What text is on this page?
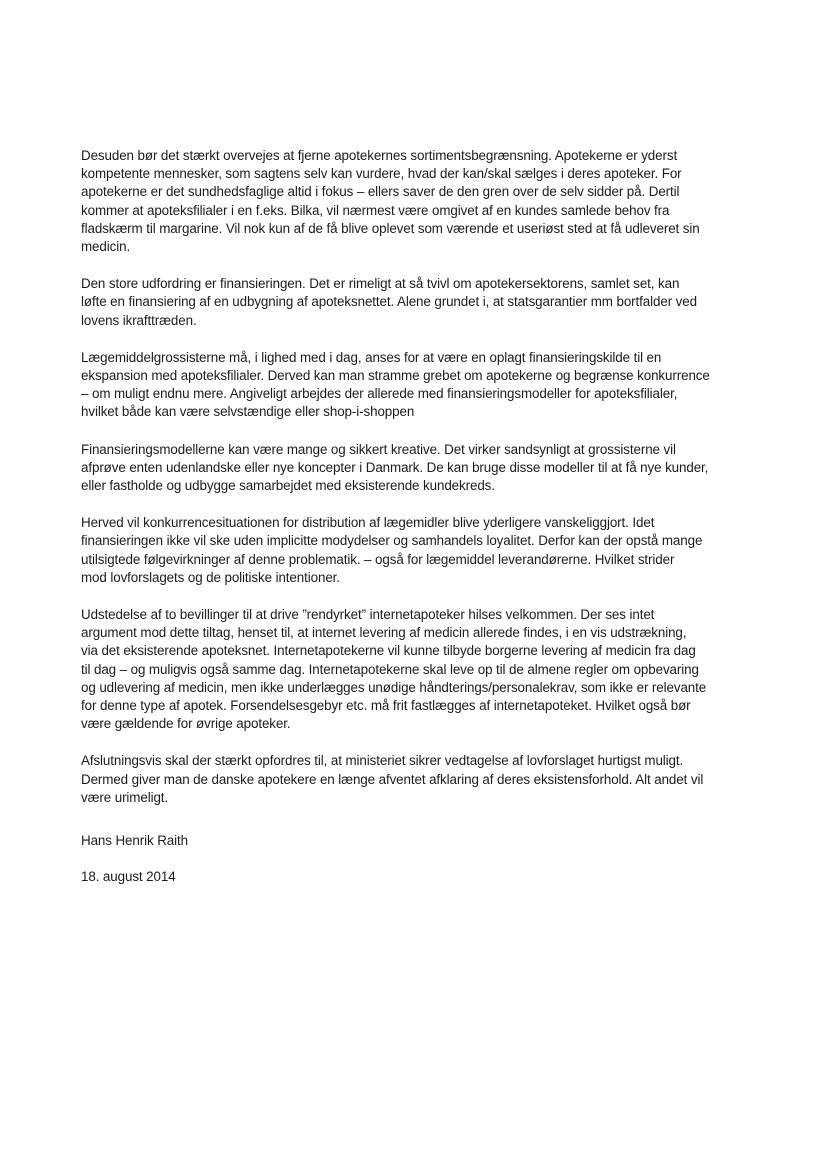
Desuden bør det stærkt overvejes at fjerne apotekernes sortimentsbegrænsning. Apotekerne er yderst
kompetente mennesker, som sagtens selv kan vurdere, hvad der kan/skal sælges i deres apoteker. For
apotekerne er det sundhedsfaglige altid i fokus – ellers saver de den gren over de selv sidder på. Dertil
kommer at apoteksfilialer i en f.eks. Bilka, vil nærmest være omgivet af en kundes samlede behov fra
fladskærm til margarine. Vil nok kun af de få blive oplevet som værende et useriøst sted at få udleveret sin
medicin.

Den store udfordring er finansieringen. Det er rimeligt at så tvivl om apotekersektorens, samlet set, kan
løfte en finansiering af en udbygning af apoteksnettet. Alene grundet i, at statsgarantier mm bortfalder ved
lovens ikrafttræden.

Lægemiddelgrossisterne må, i lighed med i dag, anses for at være en oplagt finansieringskilde til en
ekspansion med apoteksfilialer. Derved kan man stramme grebet om apotekerne og begrænse konkurrence
– om muligt endnu mere. Angiveligt arbejdes der allerede med finansieringsmodeller for apoteksfilialer,
hvilket både kan være selvstændige eller shop-i-shoppen

Finansieringsmodellerne kan være mange og sikkert kreative. Det virker sandsynligt at grossisterne vil
afprøve enten udenlandske eller nye koncepter i Danmark. De kan bruge disse modeller til at få nye kunder,
eller fastholde og udbygge samarbejdet med eksisterende kundekreds.

Herved vil konkurrencesituationen for distribution af lægemidler blive yderligere vanskeliggjort. Idet
finansieringen ikke vil ske uden implicitte modydelser og samhandels loyalitet. Derfor kan der opstå mange
utilsigtede følgevirkninger af denne problematik. – også for lægemiddel leverandørerne. Hvilket strider
mod lovforslagets og de politiske intentioner.

Udstedelse af to bevillinger til at drive ”rendyrket” internetapoteker hilses velkommen. Der ses intet
argument mod dette tiltag, henset til, at internet levering af medicin allerede findes, i en vis udstrækning,
via det eksisterende apoteksnet. Internetapotekerne vil kunne tilbyde borgerne levering af medicin fra dag
til dag – og muligvis også samme dag. Internetapotekerne skal leve op til de almene regler om opbevaring
og udlevering af medicin, men ikke underlægges unødige håndterings/personalekrav, som ikke er relevante
for denne type af apotek. Forsendelsesgebyr etc. må frit fastlægges af internetapoteket. Hvilket også bør
være gældende for øvrige apoteker.

Afslutningsvis skal der stærkt opfordres til, at ministeriet sikrer vedtagelse af lovforslaget hurtigst muligt.
Dermed giver man de danske apotekere en længe afventet afklaring af deres eksistensforhold. Alt andet vil
være urimeligt.

Hans Henrik Raith

18. august 2014
